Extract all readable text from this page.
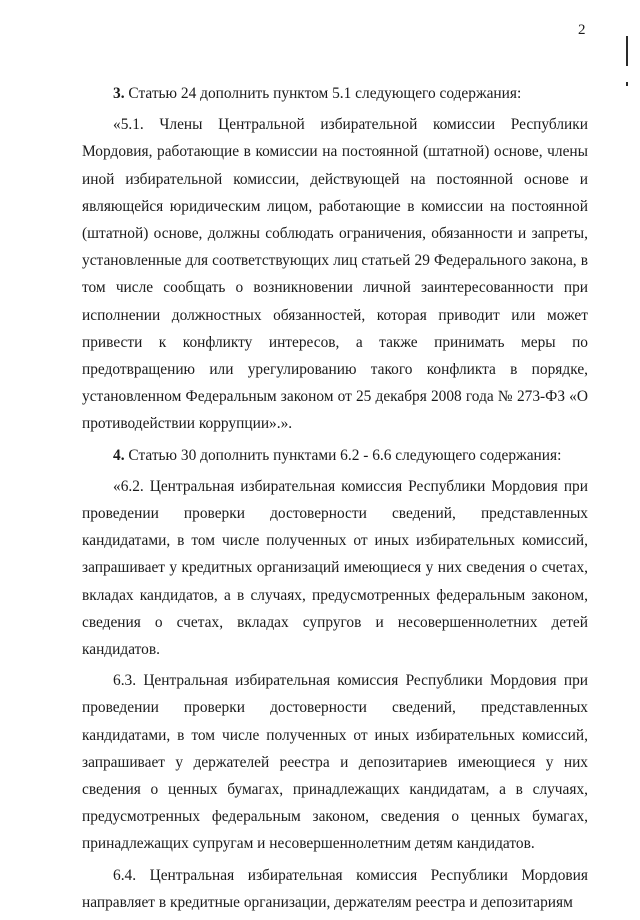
2

3. Статью 24 дополнить пунктом 5.1 следующего содержания:

«5.1. Члены Центральной избирательной комиссии Республики Мордовия, работающие в комиссии на постоянной (штатной) основе, члены иной избирательной комиссии, действующей на постоянной основе и являющейся юридическим лицом, работающие в комиссии на постоянной (штатной) основе, должны соблюдать ограничения, обязанности и запреты, установленные для соответствующих лиц статьей 29 Федерального закона, в том числе сообщать о возникновении личной заинтересованности при исполнении должностных обязанностей, которая приводит или может привести к конфликту интересов, а также принимать меры по предотвращению или урегулированию такого конфликта в порядке, установленном Федеральным законом от 25 декабря 2008 года № 273-ФЗ «О противодействии коррупции».».

4. Статью 30 дополнить пунктами 6.2 - 6.6 следующего содержания:

«6.2. Центральная избирательная комиссия Республики Мордовия при проведении проверки достоверности сведений, представленных кандидатами, в том числе полученных от иных избирательных комиссий, запрашивает у кредитных организаций имеющиеся у них сведения о счетах, вкладах кандидатов, а в случаях, предусмотренных федеральным законом, сведения о счетах, вкладах супругов и несовершеннолетних детей кандидатов.

6.3. Центральная избирательная комиссия Республики Мордовия при проведении проверки достоверности сведений, представленных кандидатами, в том числе полученных от иных избирательных комиссий, запрашивает у держателей реестра и депозитариев имеющиеся у них сведения о ценных бумагах, принадлежащих кандидатам, а в случаях, предусмотренных федеральным законом, сведения о ценных бумагах, принадлежащих супругам и несовершеннолетним детям кандидатов.

6.4. Центральная избирательная комиссия Республики Мордовия направляет в кредитные организации, держателям реестра и депозитариям
